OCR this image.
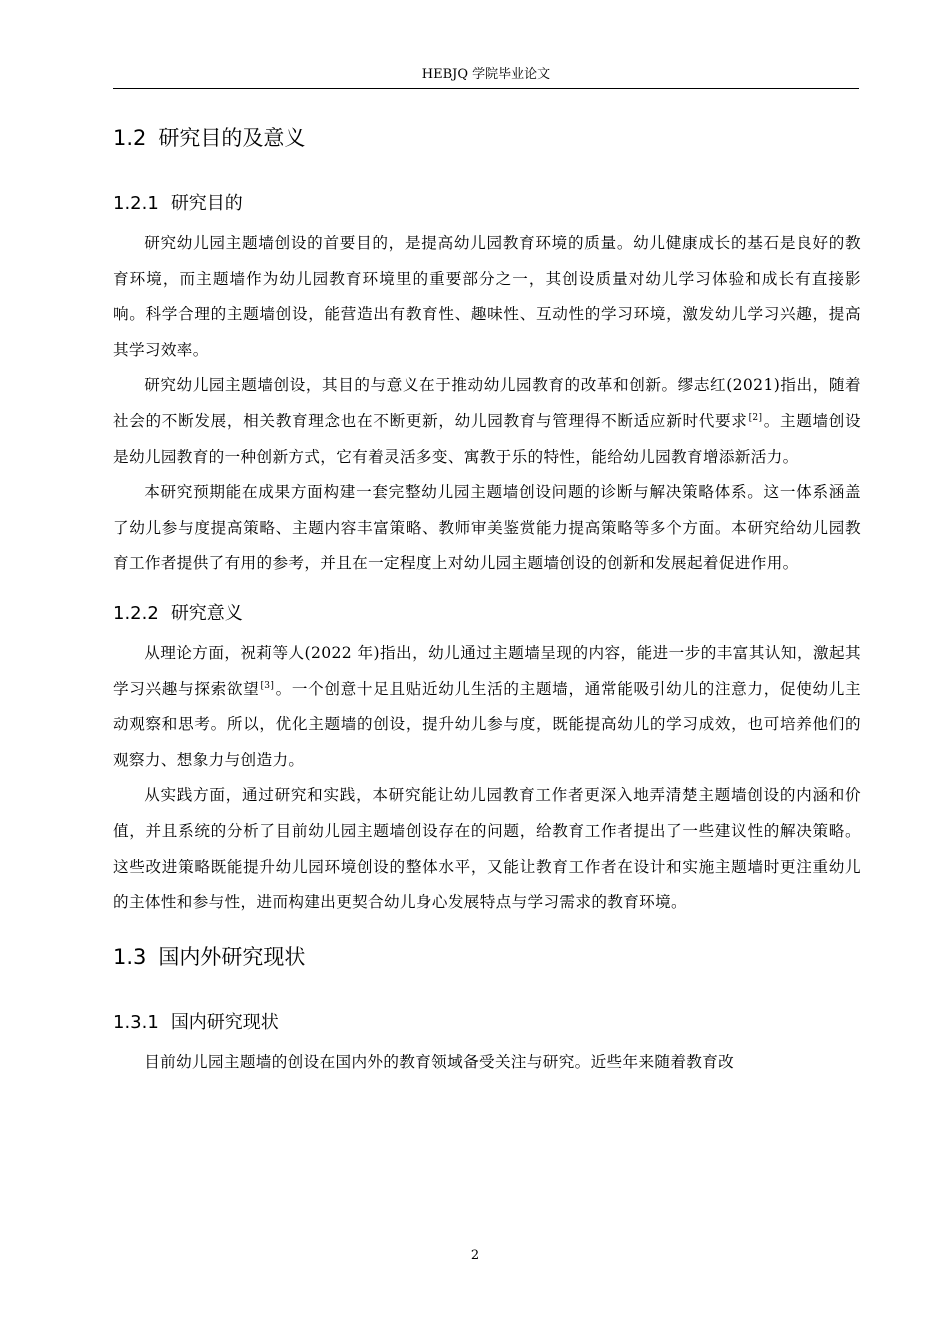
HEBJQ 学院毕业论文
1.2 研究目的及意义
1.2.1 研究目的

研究幼儿园主题墙创设的首要目的，是提高幼儿园教育环境的质量。幼儿健康成长的基石是良好的教育环境，而主题墙作为幼儿园教育环境里的重要部分之一，其创设质量对幼儿学习体验和成长有直接影响。科学合理的主题墙创设，能营造出有教育性、趣味性、互动性的学习环境，激发幼儿学习兴趣，提高其学习效率。

研究幼儿园主题墙创设，其目的与意义在于推动幼儿园教育的改革和创新。缪志红(2021)指出，随着社会的不断发展，相关教育理念也在不断更新，幼儿园教育与管理得不断适应新时代要求[2]。主题墙创设是幼儿园教育的一种创新方式，它有着灵活多变、寓教于乐的特性，能给幼儿园教育增添新活力。

本研究预期能在成果方面构建一套完整幼儿园主题墙创设问题的诊断与解决策略体系。这一体系涵盖了幼儿参与度提高策略、主题内容丰富策略、教师审美鉴赏能力提高策略等多个方面。本研究给幼儿园教育工作者提供了有用的参考，并且在一定程度上对幼儿园主题墙创设的创新和发展起着促进作用。

1.2.2 研究意义

从理论方面，祝莉等人(2022 年)指出，幼儿通过主题墙呈现的内容，能进一步的丰富其认知，激起其学习兴趣与探索欲望[3]。一个创意十足且贴近幼儿生活的主题墙，通常能吸引幼儿的注意力，促使幼儿主动观察和思考。所以，优化主题墙的创设，提升幼儿参与度，既能提高幼儿的学习成效，也可培养他们的观察力、想象力与创造力。

从实践方面，通过研究和实践，本研究能让幼儿园教育工作者更深入地弄清楚主题墙创设的内涵和价值，并且系统的分析了目前幼儿园主题墙创设存在的问题，给教育工作者提出了一些建议性的解决策略。这些改进策略既能提升幼儿园环境创设的整体水平，又能让教育工作者在设计和实施主题墙时更注重幼儿的主体性和参与性，进而构建出更契合幼儿身心发展特点与学习需求的教育环境。

1.3 国内外研究现状
1.3.1 国内研究现状

目前幼儿园主题墙的创设在国内外的教育领域备受关注与研究。近些年来随着教育改

2
